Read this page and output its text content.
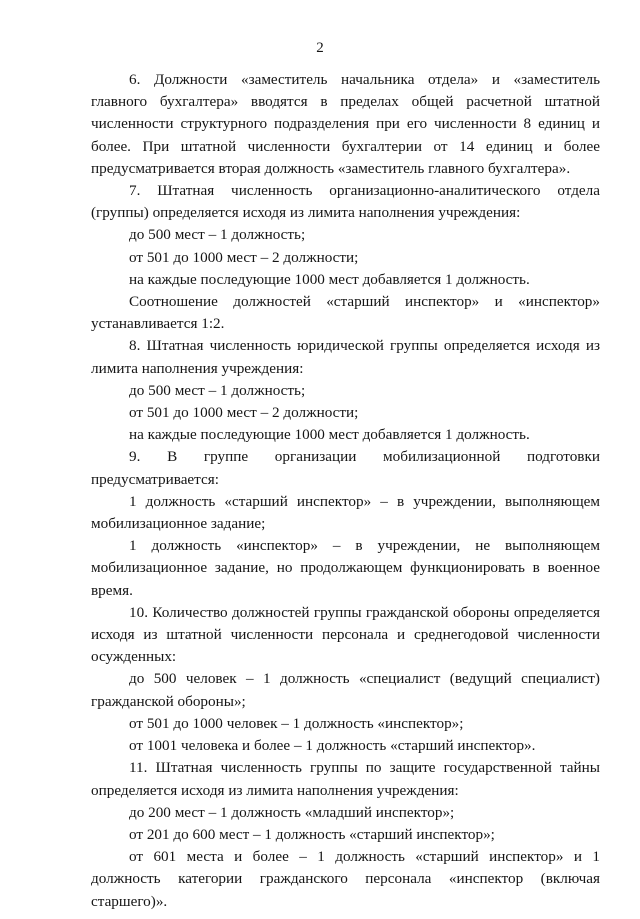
2
6. Должности «заместитель начальника отдела» и «заместитель главного бухгалтера» вводятся в пределах общей расчетной штатной численности структурного подразделения при его численности 8 единиц и более. При штатной численности бухгалтерии от 14 единиц и более предусматривается вторая должность «заместитель главного бухгалтера».
7. Штатная численность организационно-аналитического отдела (группы) определяется исходя из лимита наполнения учреждения:
до 500 мест – 1 должность;
от 501 до 1000 мест – 2 должности;
на каждые последующие 1000 мест добавляется 1 должность.
Соотношение должностей «старший инспектор» и «инспектор» устанавливается 1:2.
8. Штатная численность юридической группы определяется исходя из лимита наполнения учреждения:
до 500 мест – 1 должность;
от 501 до 1000 мест – 2 должности;
на каждые последующие 1000 мест добавляется 1 должность.
9. В группе организации мобилизационной подготовки предусматривается:
1 должность «старший инспектор» – в учреждении, выполняющем мобилизационное задание;
1 должность «инспектор» – в учреждении, не выполняющем мобилизационное задание, но продолжающем функционировать в военное время.
10. Количество должностей группы гражданской обороны определяется исходя из штатной численности персонала и среднегодовой численности осужденных:
до 500 человек – 1 должность «специалист (ведущий специалист) гражданской обороны»;
от 501 до 1000 человек – 1 должность «инспектор»;
от 1001 человека и более – 1 должность «старший инспектор».
11. Штатная численность группы по защите государственной тайны определяется исходя из лимита наполнения учреждения:
до 200 мест – 1 должность «младший инспектор»;
от 201 до 600 мест – 1 должность «старший инспектор»;
от 601 места и более – 1 должность «старший инспектор» и 1 должность категории гражданского персонала «инспектор (включая старшего)».
